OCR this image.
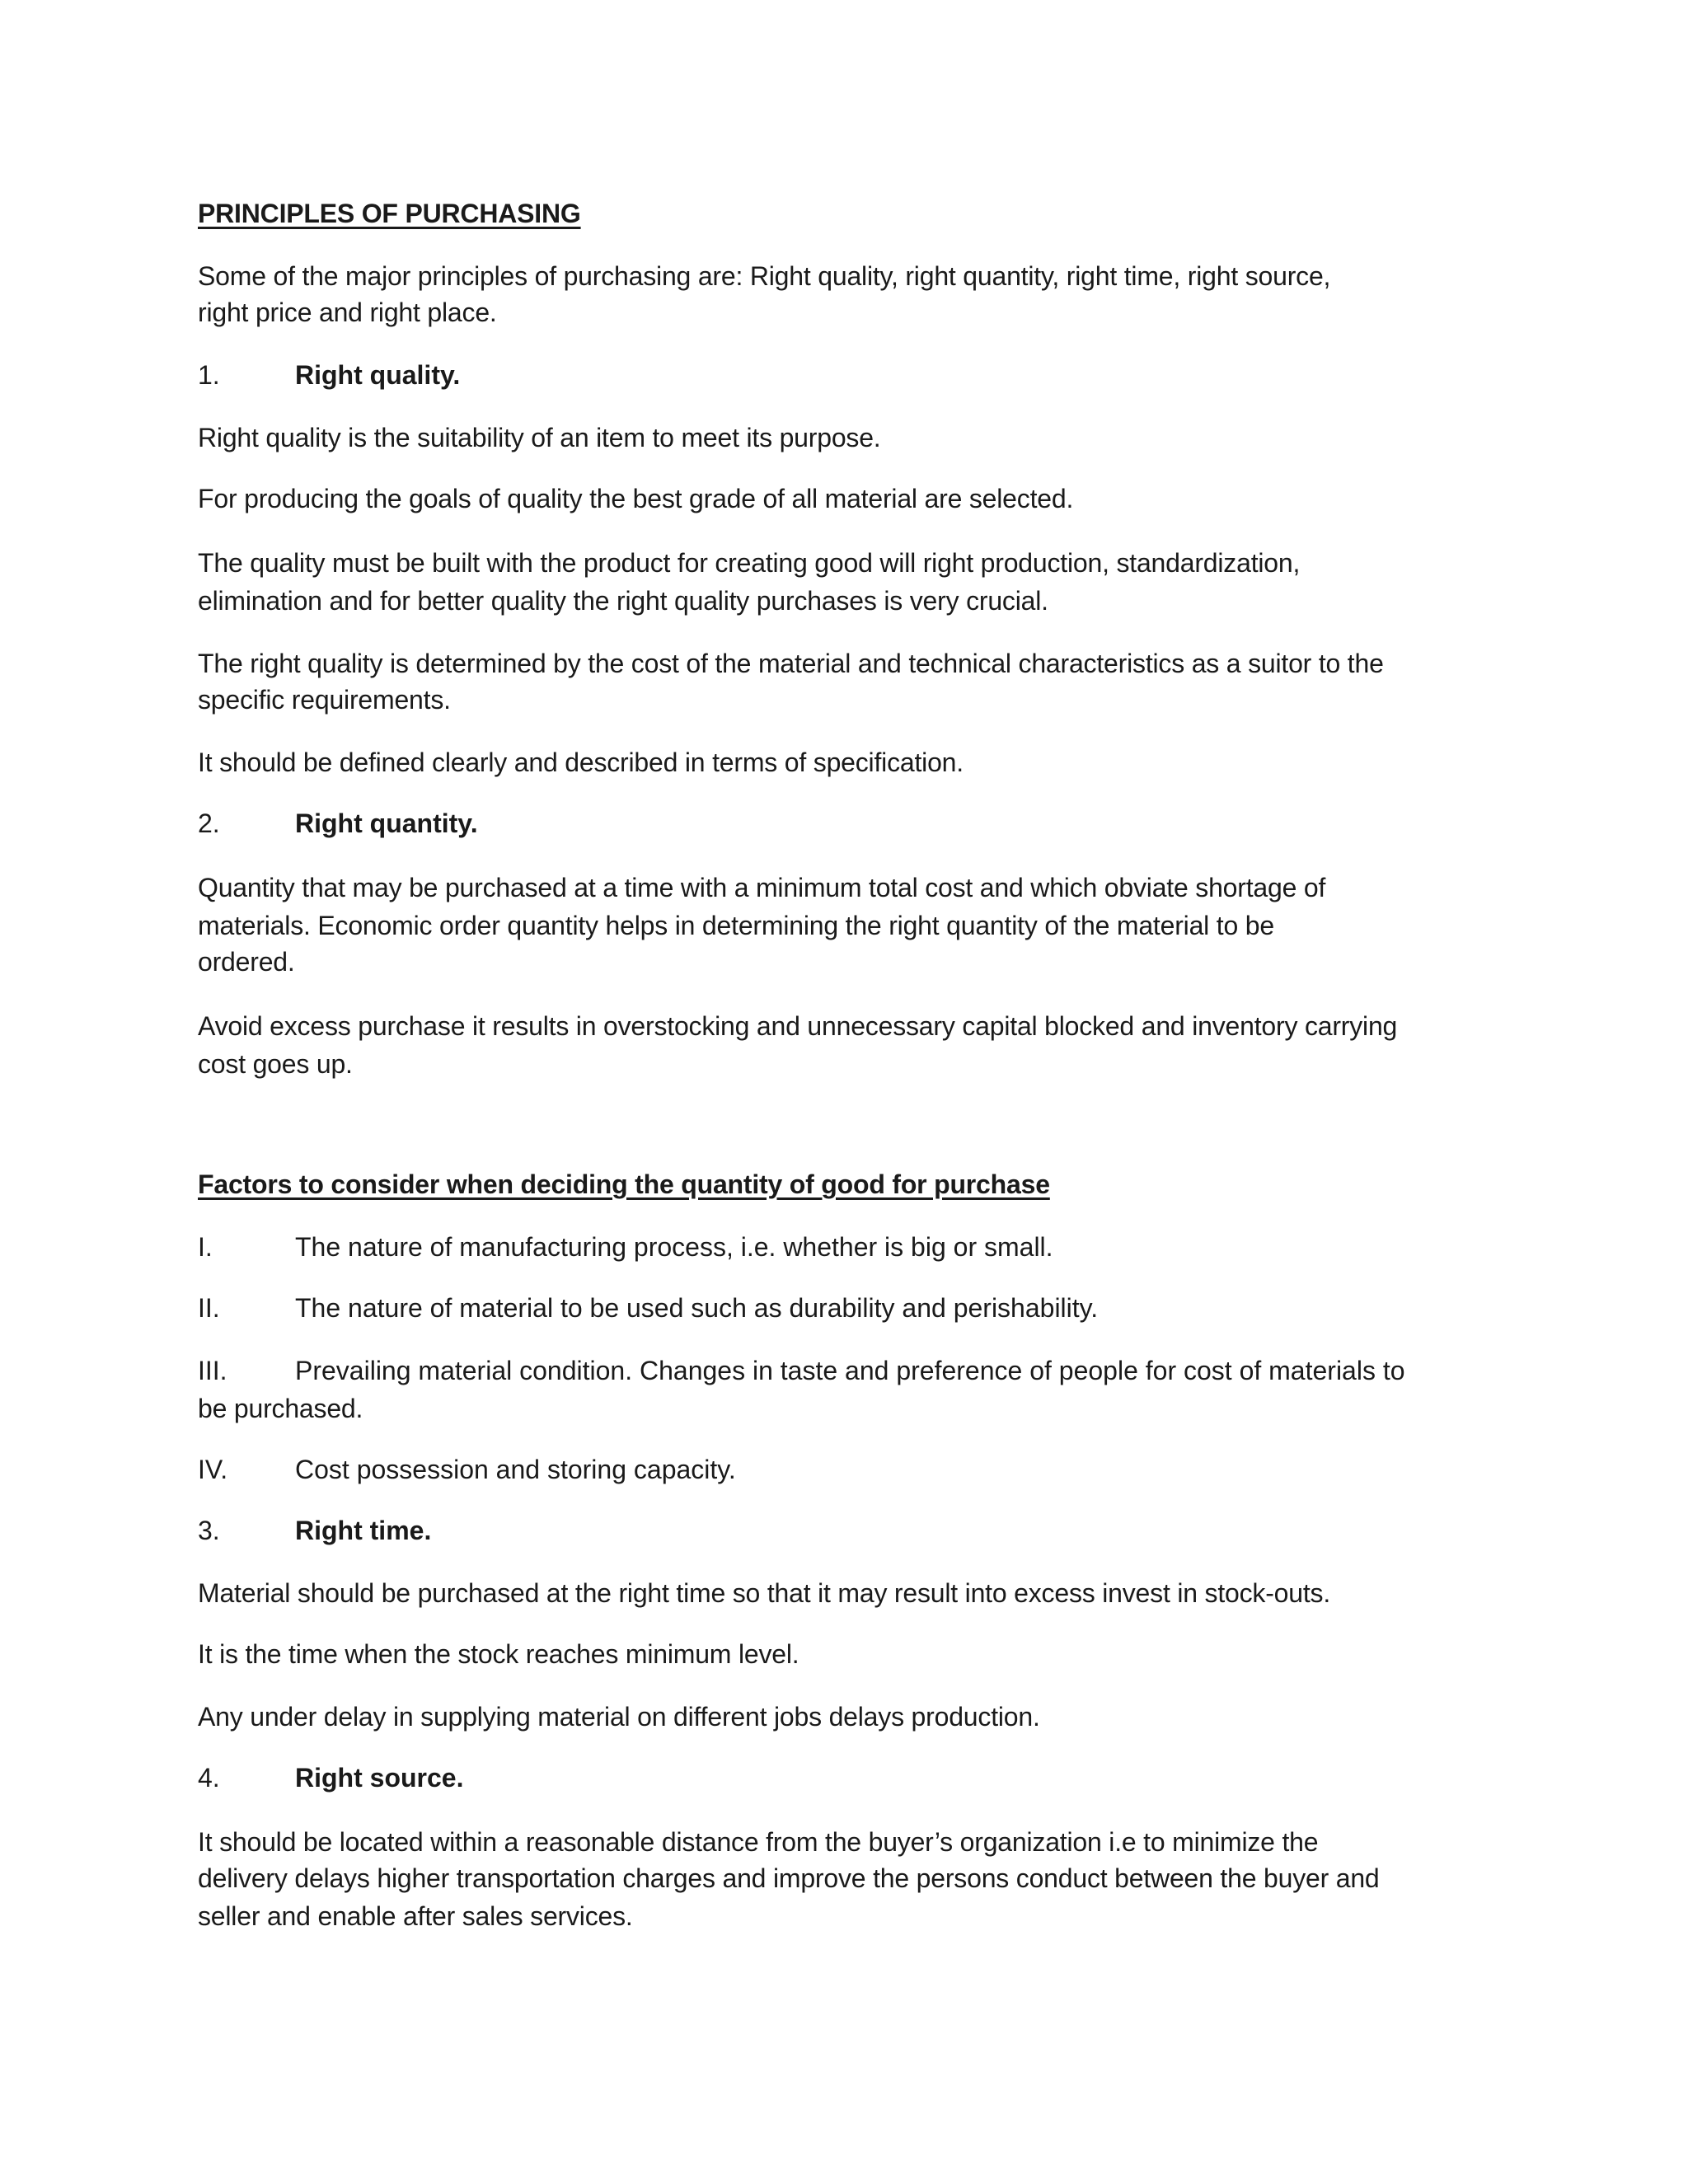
PRINCIPLES OF PURCHASING
Some of the major principles of purchasing are: Right quality, right quantity, right time, right source,
right price and right place.
1.	Right quality.
Right quality is the suitability of an item to meet its purpose.
For producing the goals of quality the best grade of all material are selected.
The quality must be built with the product for creating good will right production, standardization,
elimination and for better quality the right quality purchases is very crucial.
The right quality is determined by the cost of the material and technical characteristics as a suitor to the
specific requirements.
It should be defined clearly and described in terms of specification.
2.	Right quantity.
Quantity that may be purchased at a time with a minimum total cost and which obviate shortage of
materials. Economic order quantity helps in determining the right quantity of the material to be
ordered.
Avoid excess purchase it results in overstocking and unnecessary capital blocked and inventory carrying
cost goes up.
Factors to consider when deciding the quantity of good for purchase
I.	The nature of manufacturing process, i.e. whether is big or small.
II.	The nature of material to be used such as durability and perishability.
III.	Prevailing material condition. Changes in taste and preference of people for cost of materials to
be purchased.
IV.	Cost possession and storing capacity.
3.	Right time.
Material should be purchased at the right time so that it may result into excess invest in stock-outs.
It is the time when the stock reaches minimum level.
Any under delay in supplying material on different jobs delays production.
4.	Right source.
It should be located within a reasonable distance from the buyer’s organization i.e to minimize the
delivery delays higher transportation charges and improve the persons conduct between the buyer and
seller and enable after sales services.
